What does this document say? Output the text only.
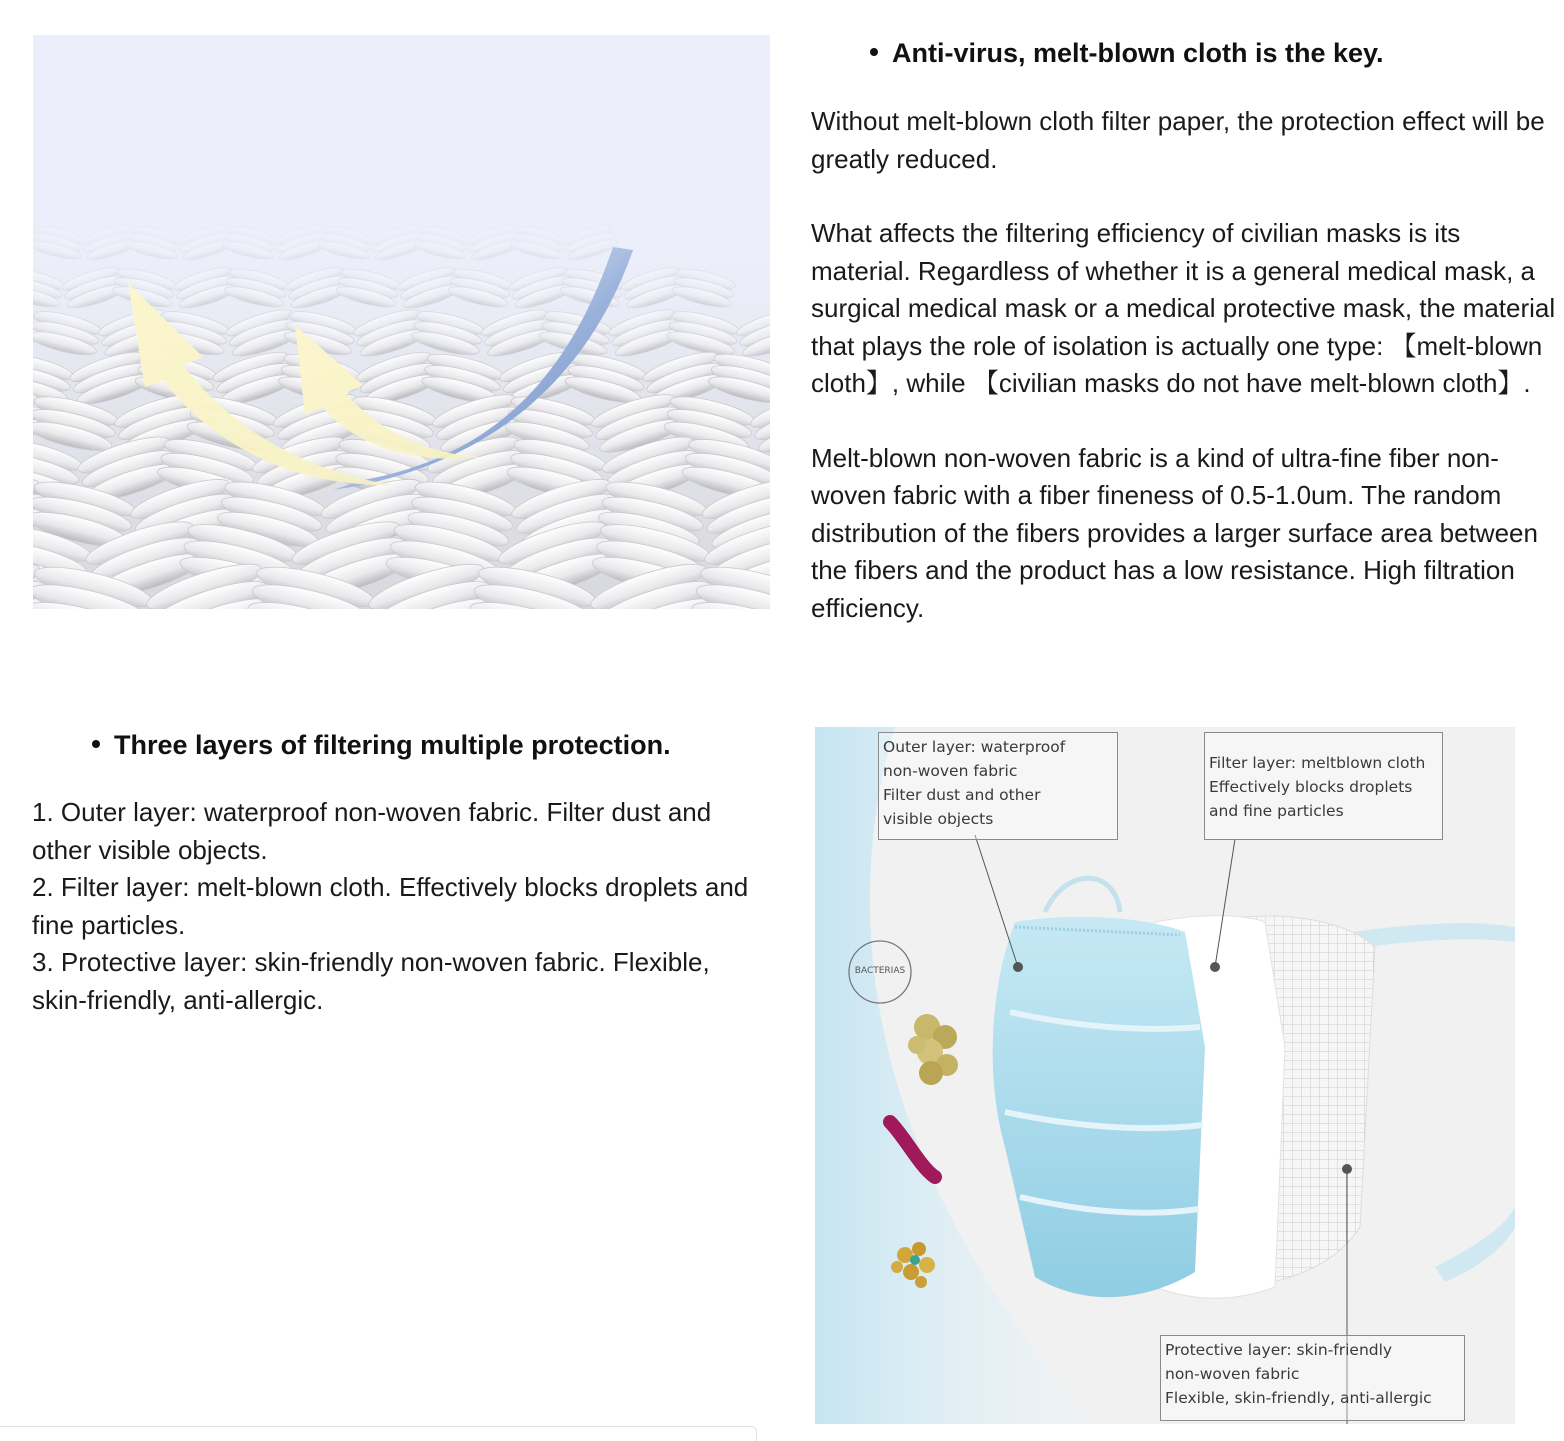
Anti-virus, melt-blown cloth is the key.

Without melt-blown cloth filter paper, the protection effect will be greatly reduced.

What affects the filtering efficiency of civilian masks is its material. Regardless of whether it is a general medical mask, a surgical medical mask or a medical protective mask, the material that plays the role of isolation is actually one type: 【melt-blown cloth】, while 【civilian masks do not have melt-blown cloth】.

Melt-blown non-woven fabric is a kind of ultra-fine fiber non-woven fabric with a fiber fineness of 0.5-1.0um. The random distribution of the fibers provides a larger surface area between the fibers and the product has a low resistance. High filtration efficiency.

Three layers of filtering multiple protection.
1. Outer layer: waterproof non-woven fabric. Filter dust and other visible objects.
2. Filter layer: melt-blown cloth. Effectively blocks droplets and fine particles.
3. Protective layer: skin-friendly non-woven fabric. Flexible, skin-friendly, anti-allergic.
Outer layer: waterproof
non-woven fabric
Filter dust and other
visible objects
Filter layer: meltblown cloth
Effectively blocks droplets
and fine particles
Protective layer: skin-friendly
non-woven fabric
Flexible, skin-friendly, anti-allergic
BACTERIAS
